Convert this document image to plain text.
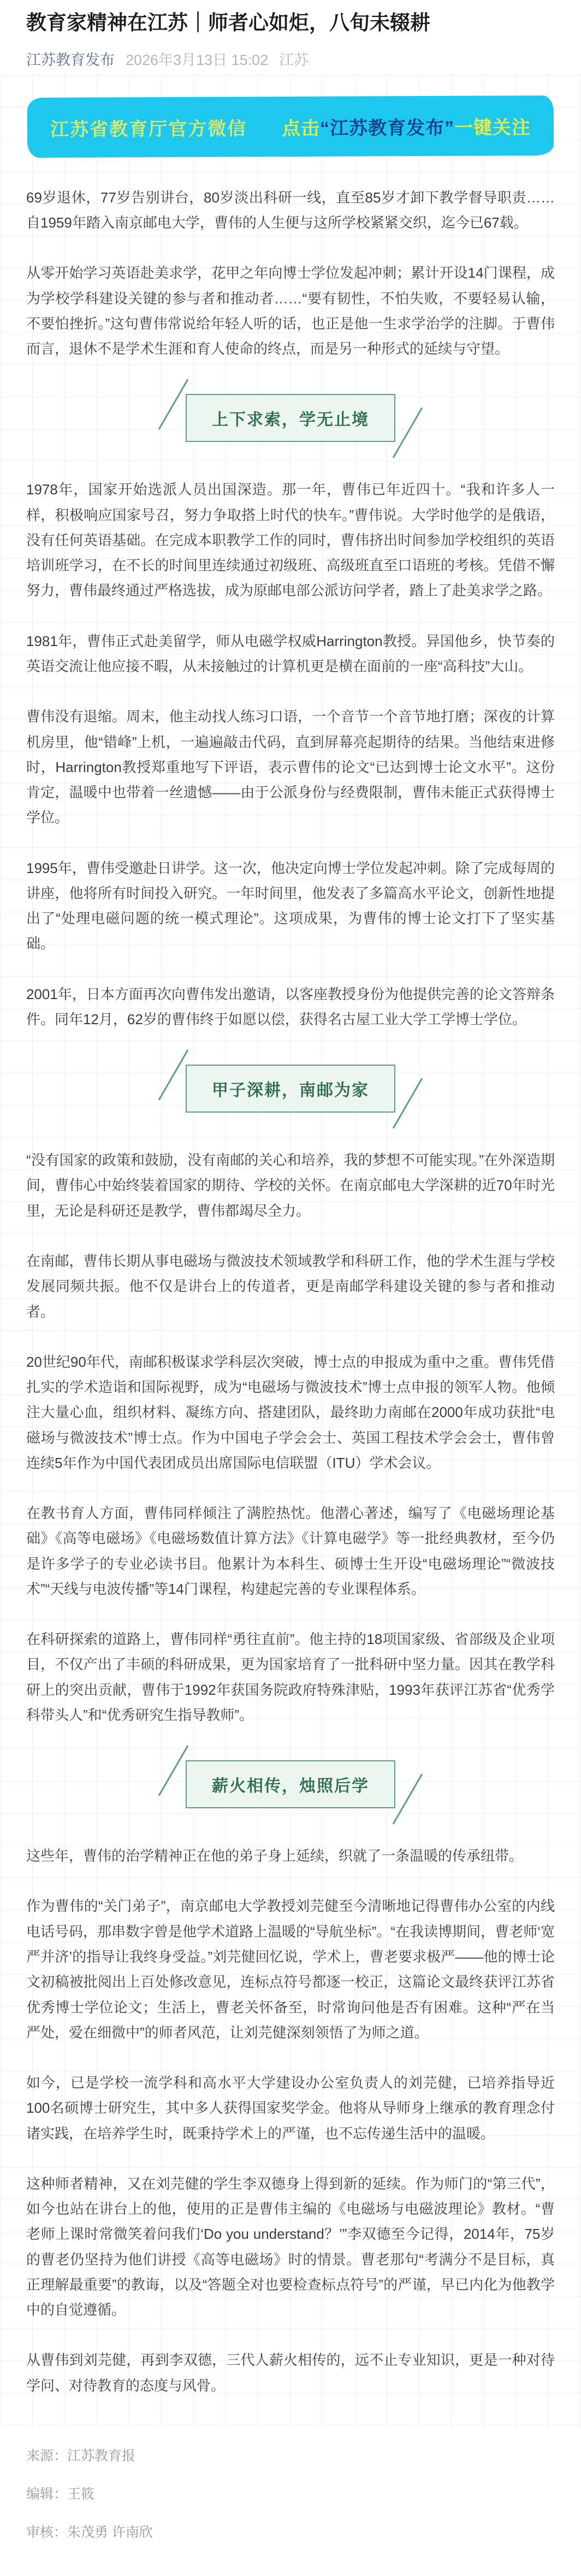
教育家精神在江苏｜师者心如炬，八旬未辍耕
江苏教育发布 2026年3月13日 15:02 江苏
江苏省教育厅官方微信 点击“江苏教育发布”一键关注

69岁退休，77岁告别讲台，80岁淡出科研一线，直至85岁才卸下教学督导职责……自1959年踏入南京邮电大学，曹伟的人生便与这所学校紧紧交织，迄今已67载。

从零开始学习英语赴美求学，花甲之年向博士学位发起冲刺；累计开设14门课程，成为学校学科建设关键的参与者和推动者……“要有韧性，不怕失败，不要轻易认输，不要怕挫折。”这句曹伟常说给年轻人听的话，也正是他一生求学治学的注脚。于曹伟而言，退休不是学术生涯和育人使命的终点，而是另一种形式的延续与守望。

上下求索，学无止境

1978年，国家开始选派人员出国深造。那一年，曹伟已年近四十。“我和许多人一样，积极响应国家号召，努力争取搭上时代的快车。”曹伟说。大学时他学的是俄语，没有任何英语基础。在完成本职教学工作的同时，曹伟挤出时间参加学校组织的英语培训班学习，在不长的时间里连续通过初级班、高级班直至口语班的考核。凭借不懈努力，曹伟最终通过严格选拔，成为原邮电部公派访问学者，踏上了赴美求学之路。

1981年，曹伟正式赴美留学，师从电磁学权威Harrington教授。异国他乡，快节奏的英语交流让他应接不暇，从未接触过的计算机更是横在面前的一座“高科技”大山。

曹伟没有退缩。周末，他主动找人练习口语，一个音节一个音节地打磨；深夜的计算机房里，他“错峰”上机，一遍遍敲击代码，直到屏幕亮起期待的结果。当他结束进修时，Harrington教授郑重地写下评语，表示曹伟的论文“已达到博士论文水平”。这份肯定，温暖中也带着一丝遗憾——由于公派身份与经费限制，曹伟未能正式获得博士学位。

1995年，曹伟受邀赴日讲学。这一次，他决定向博士学位发起冲刺。除了完成每周的讲座，他将所有时间投入研究。一年时间里，他发表了多篇高水平论文，创新性地提出了“处理电磁问题的统一模式理论”。这项成果，为曹伟的博士论文打下了坚实基础。

2001年，日本方面再次向曹伟发出邀请，以客座教授身份为他提供完善的论文答辩条件。同年12月，62岁的曹伟终于如愿以偿，获得名古屋工业大学工学博士学位。

甲子深耕，南邮为家

“没有国家的政策和鼓励，没有南邮的关心和培养，我的梦想不可能实现。”在外深造期间，曹伟心中始终装着国家的期待、学校的关怀。在南京邮电大学深耕的近70年时光里，无论是科研还是教学，曹伟都竭尽全力。

在南邮，曹伟长期从事电磁场与微波技术领域教学和科研工作，他的学术生涯与学校发展同频共振。他不仅是讲台上的传道者，更是南邮学科建设关键的参与者和推动者。

20世纪90年代，南邮积极谋求学科层次突破，博士点的申报成为重中之重。曹伟凭借扎实的学术造诣和国际视野，成为“电磁场与微波技术”博士点申报的领军人物。他倾注大量心血，组织材料、凝练方向、搭建团队，最终助力南邮在2000年成功获批“电磁场与微波技术”博士点。作为中国电子学会会士、英国工程技术学会会士，曹伟曾连续5年作为中国代表团成员出席国际电信联盟（ITU）学术会议。

在教书育人方面，曹伟同样倾注了满腔热忱。他潜心著述，编写了《电磁场理论基础》《高等电磁场》《电磁场数值计算方法》《计算电磁学》等一批经典教材，至今仍是许多学子的专业必读书目。他累计为本科生、硕博士生开设“电磁场理论”“微波技术”“天线与电波传播”等14门课程，构建起完善的专业课程体系。

在科研探索的道路上，曹伟同样“勇往直前”。他主持的18项国家级、省部级及企业项目，不仅产出了丰硕的科研成果，更为国家培育了一批科研中坚力量。因其在教学科研上的突出贡献，曹伟于1992年获国务院政府特殊津贴，1993年获评江苏省“优秀学科带头人”和“优秀研究生指导教师”。

薪火相传，烛照后学

这些年，曹伟的治学精神正在他的弟子身上延续，织就了一条温暖的传承纽带。

作为曹伟的“关门弟子”，南京邮电大学教授刘芫健至今清晰地记得曹伟办公室的内线电话号码，那串数字曾是他学术道路上温暖的“导航坐标”。“在我读博期间，曹老师‘宽严并济’的指导让我终身受益。”刘芫健回忆说，学术上，曹老要求极严——他的博士论文初稿被批阅出上百处修改意见，连标点符号都逐一校正，这篇论文最终获评江苏省优秀博士学位论文；生活上，曹老关怀备至，时常询问他是否有困难。这种“严在当严处，爱在细微中”的师者风范，让刘芫健深刻领悟了为师之道。

如今，已是学校一流学科和高水平大学建设办公室负责人的刘芫健，已培养指导近100名硕博士研究生，其中多人获得国家奖学金。他将从导师身上继承的教育理念付诸实践，在培养学生时，既秉持学术上的严谨，也不忘传递生活中的温暖。

这种师者精神，又在刘芫健的学生李双德身上得到新的延续。作为师门的“第三代”，如今也站在讲台上的他，使用的正是曹伟主编的《电磁场与电磁波理论》教材。“曹老师上课时常微笑着问我们‘Do you understand？’”李双德至今记得，2014年，75岁的曹老仍坚持为他们讲授《高等电磁场》时的情景。曹老那句“考满分不是目标，真正理解最重要”的教诲，以及“答题全对也要检查标点符号”的严谨，早已内化为他教学中的自觉遵循。

从曹伟到刘芫健，再到李双德，三代人薪火相传的，远不止专业知识，更是一种对待学问、对待教育的态度与风骨。

来源：江苏教育报

编辑：王筱

审核：朱茂勇 许南欣
